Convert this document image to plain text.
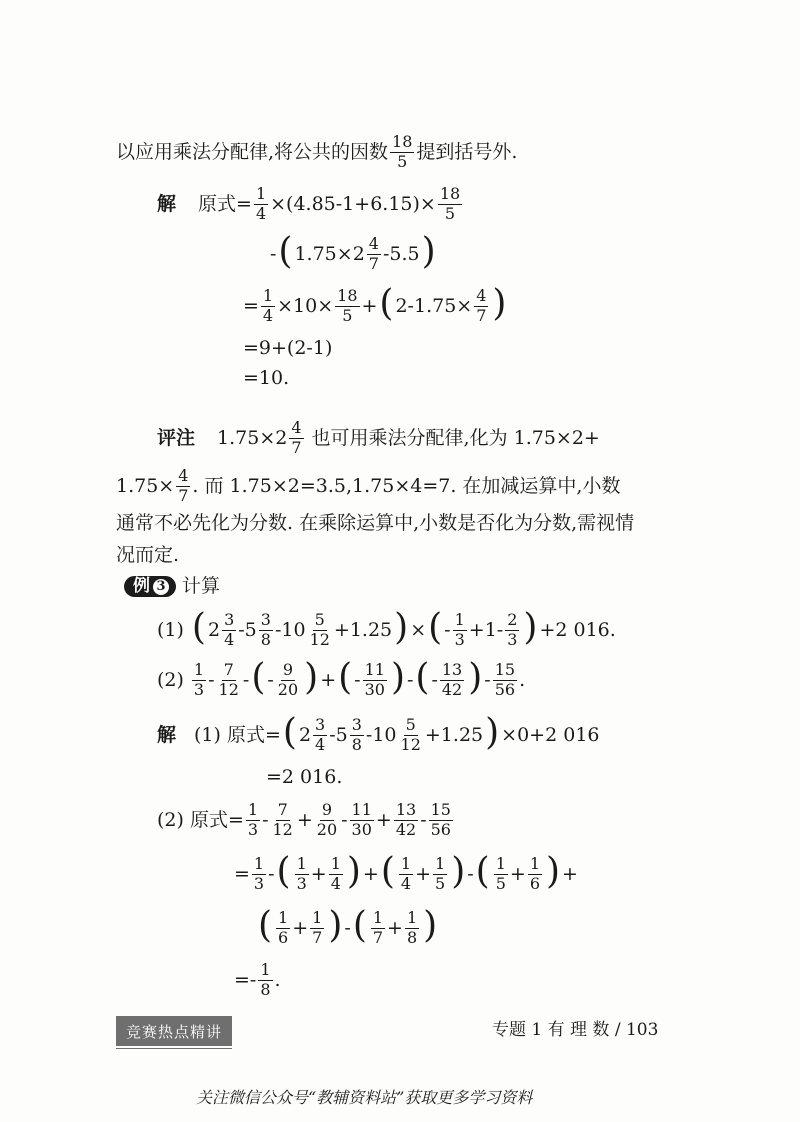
以应用乘法分配律,将公共的因数 $\frac{18}{5}$ 提到括号外.
解 原式= $\frac{1}{4} \times(4.85-1+6.15)\times \frac{18}{5}$
- ( $1.75\times 2 \frac{4}{7} -5.5$ )
= $\frac{1}{4} \times 10\times \frac{18}{5}$ + ( $2-1.75\times \frac{4}{7}$ )
=9+(2-1)
=10.
评注 $1.75\times 2 \frac{4}{7}$ 也可用乘法分配律,化为 1.75×2+
$1.75\times \frac{4}{7}$ . 而 1.75×2=3.5,1.75×4=7. 在加减运算中,小数
通常不必先化为分数. 在乘除运算中,小数是否化为分数,需视情
况而定.
例 3 计算
(1) ( $2 \frac{3}{4} -5 \frac{3}{8} -10 \frac{5}{12} +1.25$ ) × ( - $\frac{1}{3} +1- \frac{2}{3}$ ) +2 016.
$(2) \frac{1}{3} - \frac{7}{12}$ - ( - $\frac{9}{20}$ ) + ( - $\frac{11}{30}$ ) - ( - $\frac{13}{42}$ ) - $\frac{15}{56}$ .
解 (1) 原式= ( $2 \frac{3}{4} -5 \frac{3}{8} -10 \frac{5}{12} +1.25$ ) ×0+2 016
=2 016.
(2) 原式= $\frac{1}{3} - \frac{7}{12} + \frac{9}{20} - \frac{11}{30} + \frac{13}{42} - \frac{15}{56}$
= $\frac{1}{3}$ - ( $\frac{1}{3} + \frac{1}{4}$ ) + ( $\frac{1}{4} + \frac{1}{5}$ ) - ( $\frac{1}{5} + \frac{1}{6}$ ) +
( $\frac{1}{6} + \frac{1}{7}$ ) - ( $\frac{1}{7} + \frac{1}{8}$ )
=- $\frac{1}{8}$ .
竞赛热点精讲	专题 1 有 理 数 / 103
关注微信公众号“教辅资料站”获取更多学习资料
